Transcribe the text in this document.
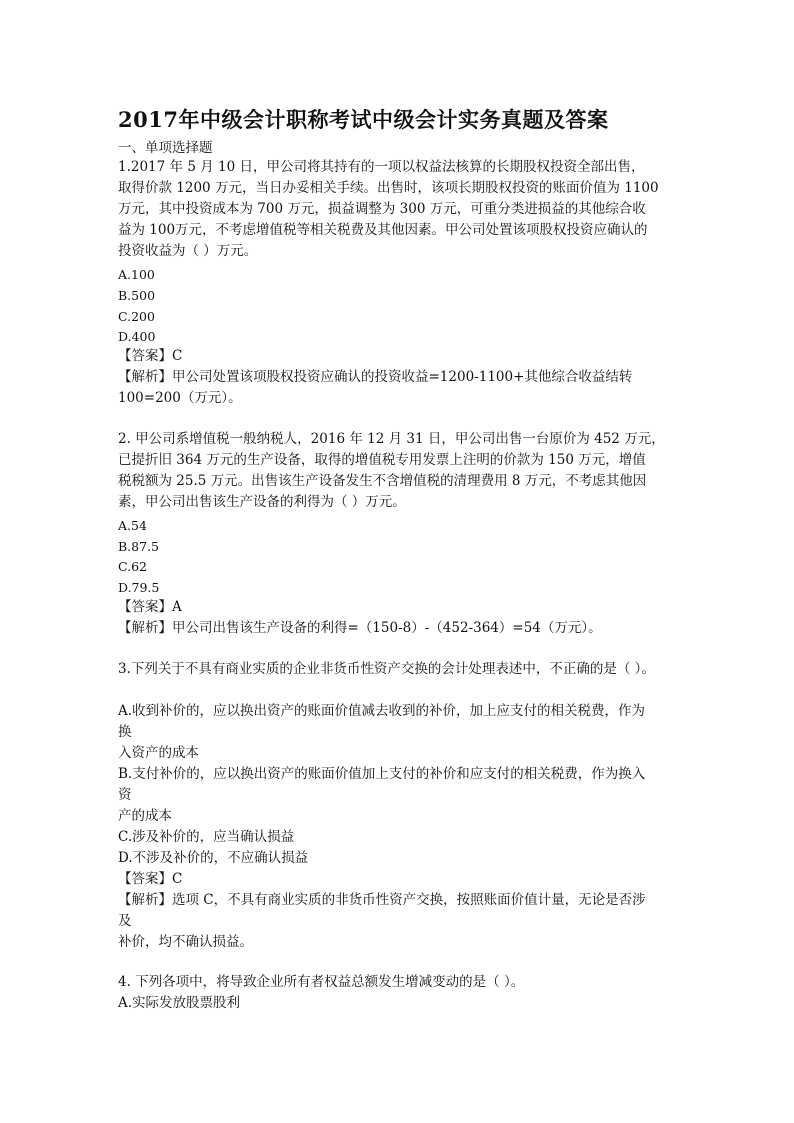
2017年中级会计职称考试中级会计实务真题及答案

一、单项选择题

1.2017 年 5 月 10 日，甲公司将其持有的一项以权益法核算的长期股权投资全部出售，

取得价款 1200 万元，当日办妥相关手续。出售时，该项长期股权投资的账面价值为 1100

万元，其中投资成本为 700 万元，损益调整为 300 万元，可重分类进损益的其他综合收

益为 100万元，不考虑增值税等相关税费及其他因素。甲公司处置该项股权投资应确认的

投资收益为（ ）万元。

A.100

B.500

C.200

D.400

【答案】C

【解析】甲公司处置该项股权投资应确认的投资收益=1200-1100+其他综合收益结转

100=200（万元）。

2. 甲公司系增值税一般纳税人，2016 年 12 月 31 日，甲公司出售一台原价为 452 万元，

已提折旧 364 万元的生产设备，取得的增值税专用发票上注明的价款为 150 万元，增值

税税额为 25.5 万元。出售该生产设备发生不含增值税的清理费用 8 万元，不考虑其他因

素，甲公司出售该生产设备的利得为（ ）万元。

A.54

B.87.5

C.62

D.79.5

【答案】A

【解析】甲公司出售该生产设备的利得=（150-8）-（452-364）=54（万元）。

3.下列关于不具有商业实质的企业非货币性资产交换的会计处理表述中，不正确的是（ ）。

A.收到补价的，应以换出资产的账面价值减去收到的补价，加上应支付的相关税费，作为

换

入资产的成本

B.支付补价的，应以换出资产的账面价值加上支付的补价和应支付的相关税费，作为换入

资

产的成本

C.涉及补价的，应当确认损益

D.不涉及补价的，不应确认损益

【答案】C

【解析】选项 C，不具有商业实质的非货币性资产交换，按照账面价值计量，无论是否涉

及

补价，均不确认损益。

4. 下列各项中，将导致企业所有者权益总额发生增减变动的是（ ）。

A.实际发放股票股利
